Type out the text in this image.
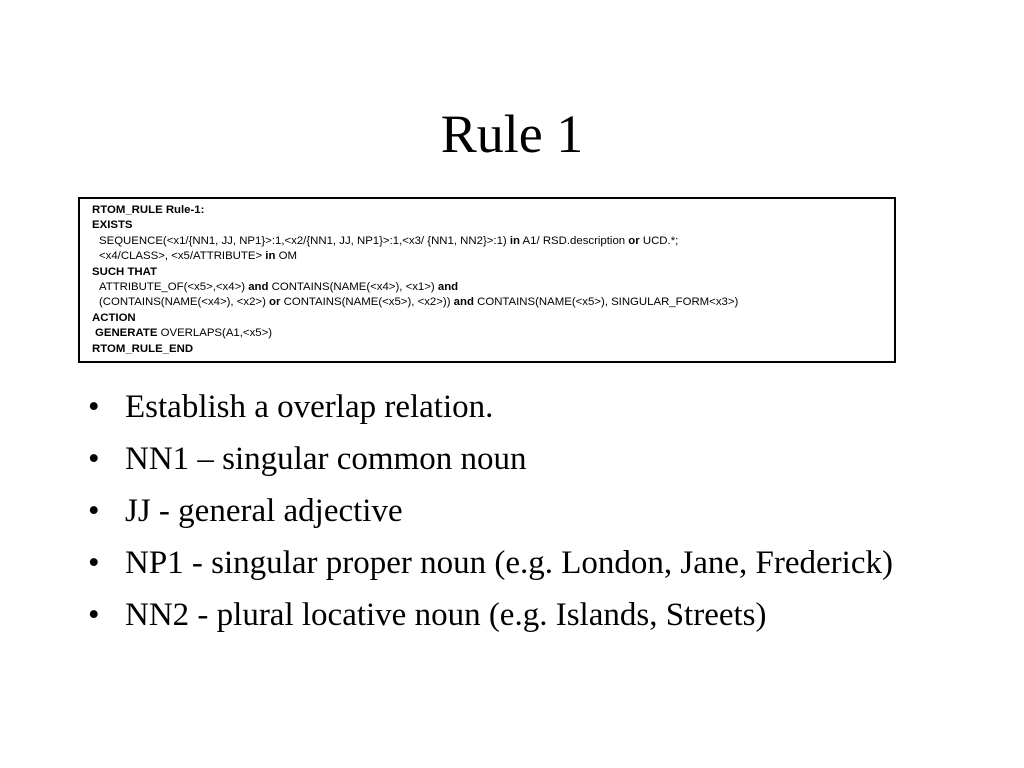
Rule 1
RTOM_RULE Rule-1:
EXISTS
SEQUENCE(<x1/{NN1, JJ, NP1}>:1,<x2/{NN1, JJ, NP1}>:1,<x3/ {NN1, NN2}>:1) in A1/ RSD.description or UCD.*;
<x4/CLASS>, <x5/ATTRIBUTE> in OM
SUCH THAT
ATTRIBUTE_OF(<x5>,<x4>) and CONTAINS(NAME(<x4>), <x1>) and
(CONTAINS(NAME(<x4>), <x2>) or CONTAINS(NAME(<x5>), <x2>)) and CONTAINS(NAME(<x5>), SINGULAR_FORM<x3>)
ACTION
GENERATE OVERLAPS(A1,<x5>)
RTOM_RULE_END
• Establish a overlap relation.
• NN1 – singular common noun
• JJ - general adjective
• NP1 - singular proper noun (e.g. London, Jane, Frederick)
• NN2 - plural locative noun (e.g. Islands, Streets)
